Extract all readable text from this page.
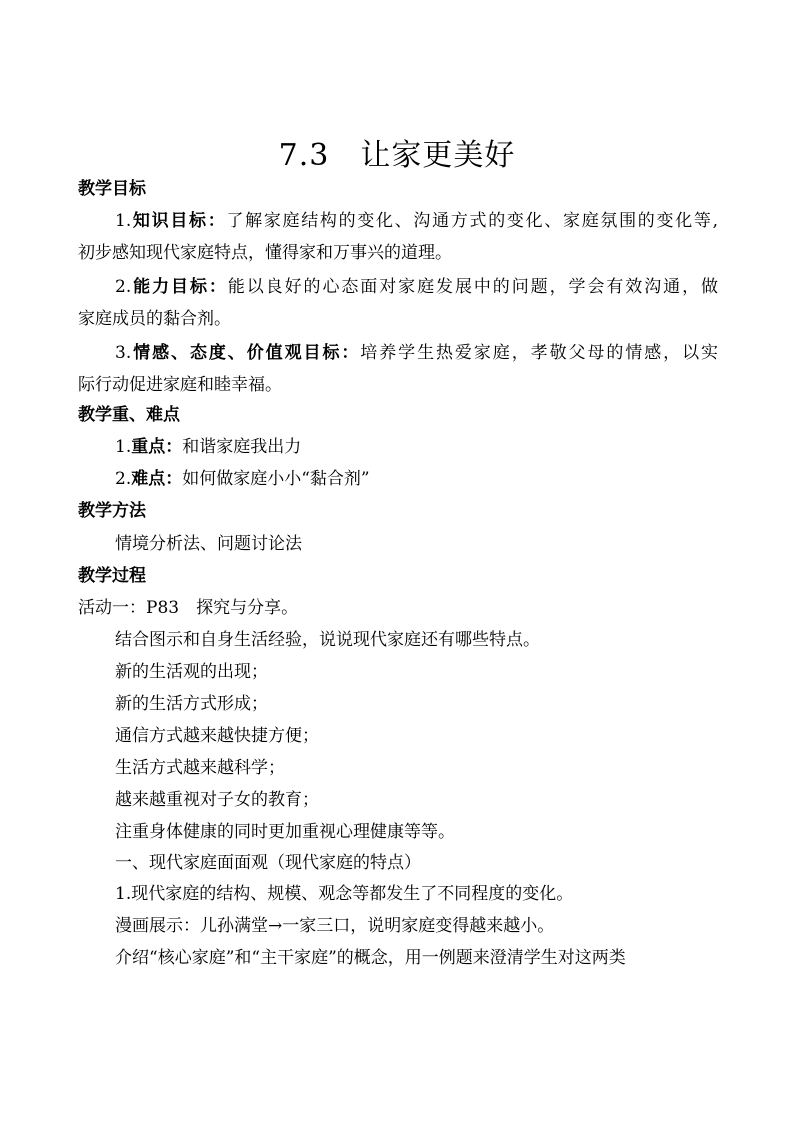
7.3　让家更美好
教学目标
1.知识目标：了解家庭结构的变化、沟通方式的变化、家庭氛围的变化等,
初步感知现代家庭特点，懂得家和万事兴的道理。
2.能力目标：能以良好的心态面对家庭发展中的问题，学会有效沟通，做
家庭成员的黏合剂。
3.情感、态度、价值观目标：培养学生热爱家庭，孝敬父母的情感，以实
际行动促进家庭和睦幸福。
教学重、难点
1.重点：和谐家庭我出力
2.难点：如何做家庭小小“黏合剂”
教学方法
情境分析法、问题讨论法
教学过程
活动一：P83　探究与分享。
结合图示和自身生活经验，说说现代家庭还有哪些特点。
新的生活观的出现；
新的生活方式形成；
通信方式越来越快捷方便；
生活方式越来越科学；
越来越重视对子女的教育；
注重身体健康的同时更加重视心理健康等等。
一、现代家庭面面观（现代家庭的特点）
1.现代家庭的结构、规模、观念等都发生了不同程度的变化。
漫画展示：儿孙满堂→一家三口，说明家庭变得越来越小。
介绍“核心家庭”和“主干家庭”的概念，用一例题来澄清学生对这两类
